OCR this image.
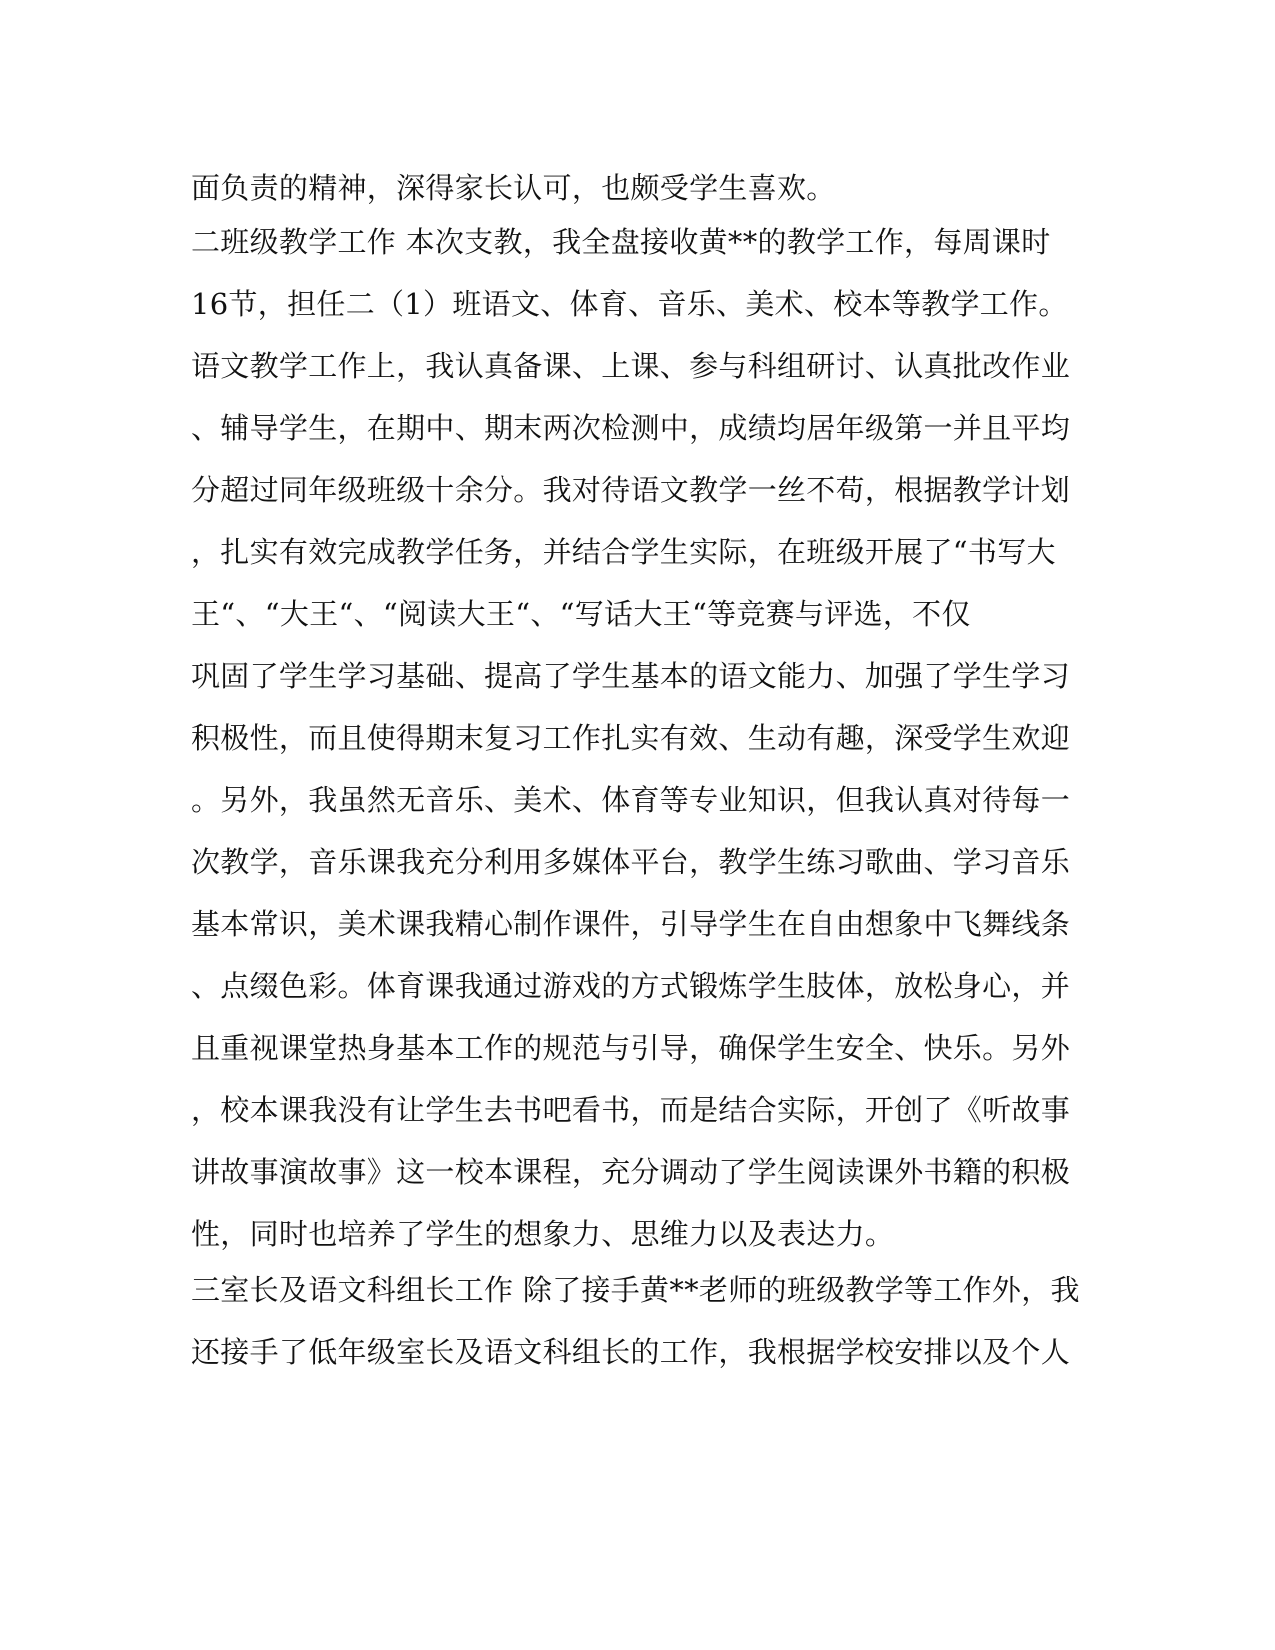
面负责的精神，深得家长认可，也颇受学生喜欢。
二班级教学工作 本次支教，我全盘接收黄**的教学工作，每周课时
16节，担任二（1）班语文、体育、音乐、美术、校本等教学工作。
语文教学工作上，我认真备课、上课、参与科组研讨、认真批改作业
、辅导学生，在期中、期末两次检测中，成绩均居年级第一并且平均
分超过同年级班级十余分。我对待语文教学一丝不苟，根据教学计划
，扎实有效完成教学任务，并结合学生实际，在班级开展了“书写大
王“、“大王“、“阅读大王“、“写话大王“等竞赛与评选，不仅
巩固了学生学习基础、提高了学生基本的语文能力、加强了学生学习
积极性，而且使得期末复习工作扎实有效、生动有趣，深受学生欢迎
。另外，我虽然无音乐、美术、体育等专业知识，但我认真对待每一
次教学，音乐课我充分利用多媒体平台，教学生练习歌曲、学习音乐
基本常识，美术课我精心制作课件，引导学生在自由想象中飞舞线条
、点缀色彩。体育课我通过游戏的方式锻炼学生肢体，放松身心，并
且重视课堂热身基本工作的规范与引导，确保学生安全、快乐。另外
，校本课我没有让学生去书吧看书，而是结合实际，开创了《听故事
讲故事演故事》这一校本课程，充分调动了学生阅读课外书籍的积极
性，同时也培养了学生的想象力、思维力以及表达力。
三室长及语文科组长工作 除了接手黄**老师的班级教学等工作外，我
还接手了低年级室长及语文科组长的工作，我根据学校安排以及个人
